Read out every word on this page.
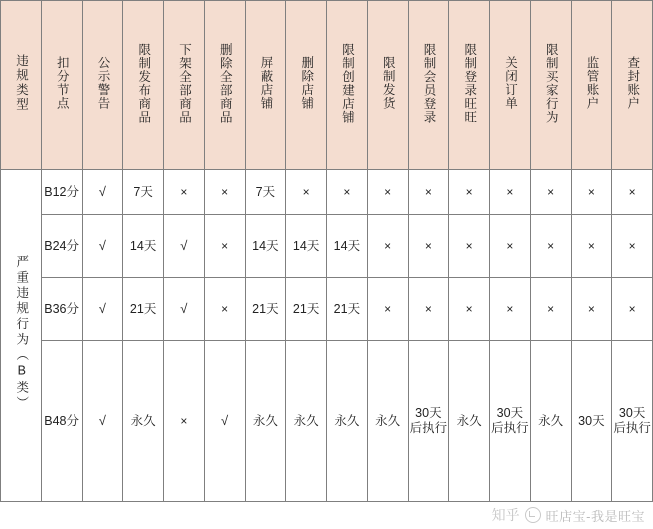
违规类型	扣分节点	公示警告	限制发布商品	下架全部商品	删除全部商品	屏蔽店铺	删除店铺	限制创建店铺	限制发货	限制会员登录	限制登录旺旺	关闭订单	限制买家行为	监管账户	查封账户
严重违规行为（B类）	B12分	√	7天	×	×	7天	×	×	×	×	×	×	×	×	×

	B24分	√	14天	√	×	14天	14天	14天	×	×	×	×	×	×	×

	B36分	√	21天	√	×	21天	21天	21天	×	×	×	×	×	×	×

	B48分	√	永久	×	√	永久	永久	永久	永久	30天后执行	永久	30天后执行	永久	30天	30天后执行
知乎 旺店宝-我是旺宝
